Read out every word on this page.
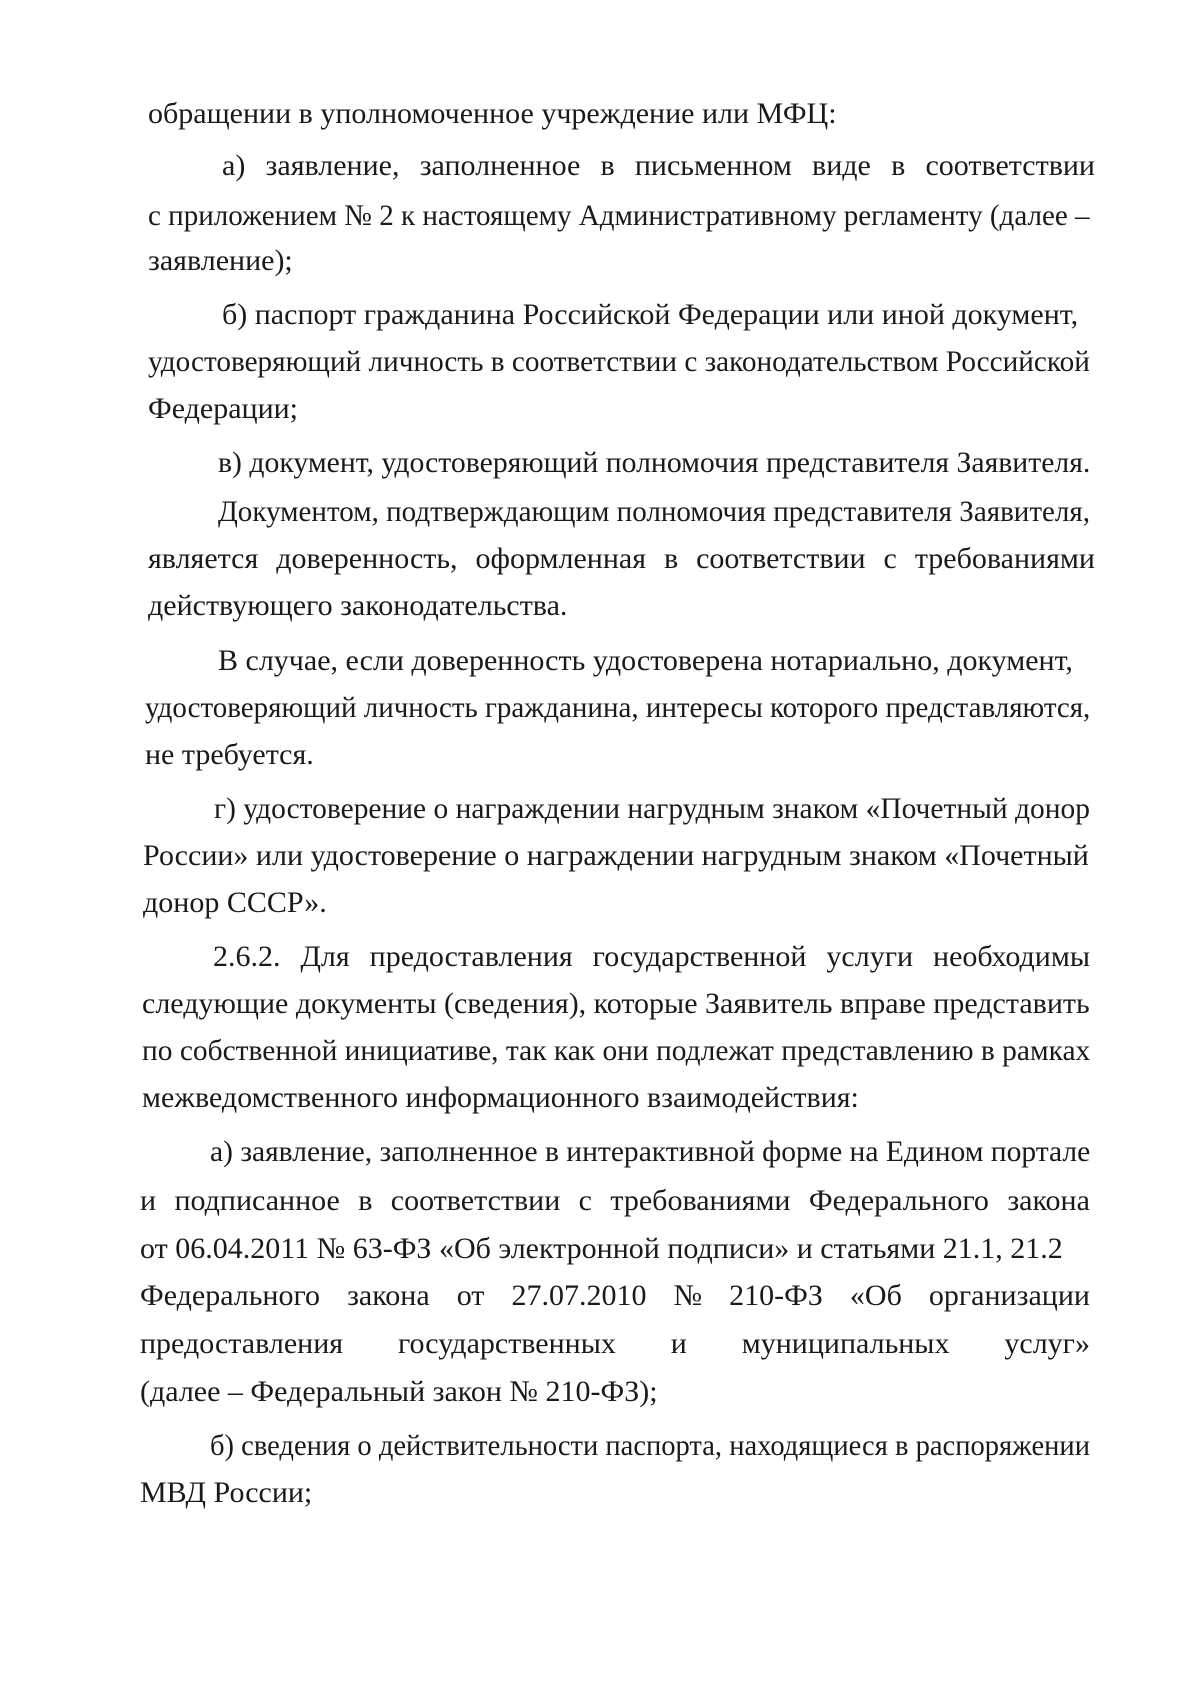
обращении в уполномоченное учреждение или МФЦ:
а) заявление, заполненное в письменном виде в соответствии
с приложением № 2 к настоящему Административному регламенту (далее –
заявление);
б) паспорт гражданина Российской Федерации или иной документ,
удостоверяющий личность в соответствии с законодательством Российской
Федерации;
в) документ, удостоверяющий полномочия представителя Заявителя.
Документом, подтверждающим полномочия представителя Заявителя,
является доверенность, оформленная в соответствии с требованиями
действующего законодательства.
В случае, если доверенность удостоверена нотариально, документ,
удостоверяющий личность гражданина, интересы которого представляются,
не требуется.
г) удостоверение о награждении нагрудным знаком «Почетный донор
России» или удостоверение о награждении нагрудным знаком «Почетный
донор СССР».
2.6.2. Для предоставления государственной услуги необходимы
следующие документы (сведения), которые Заявитель вправе представить
по собственной инициативе, так как они подлежат представлению в рамках
межведомственного информационного взаимодействия:
а) заявление, заполненное в интерактивной форме на Едином портале
и подписанное в соответствии с требованиями Федерального закона
от 06.04.2011 № 63-ФЗ «Об электронной подписи» и статьями 21.1, 21.2
Федерального закона от 27.07.2010 № 210-ФЗ «Об организации
предоставления государственных и муниципальных услуг»
(далее – Федеральный закон № 210-ФЗ);
б) сведения о действительности паспорта, находящиеся в распоряжении
МВД России;
